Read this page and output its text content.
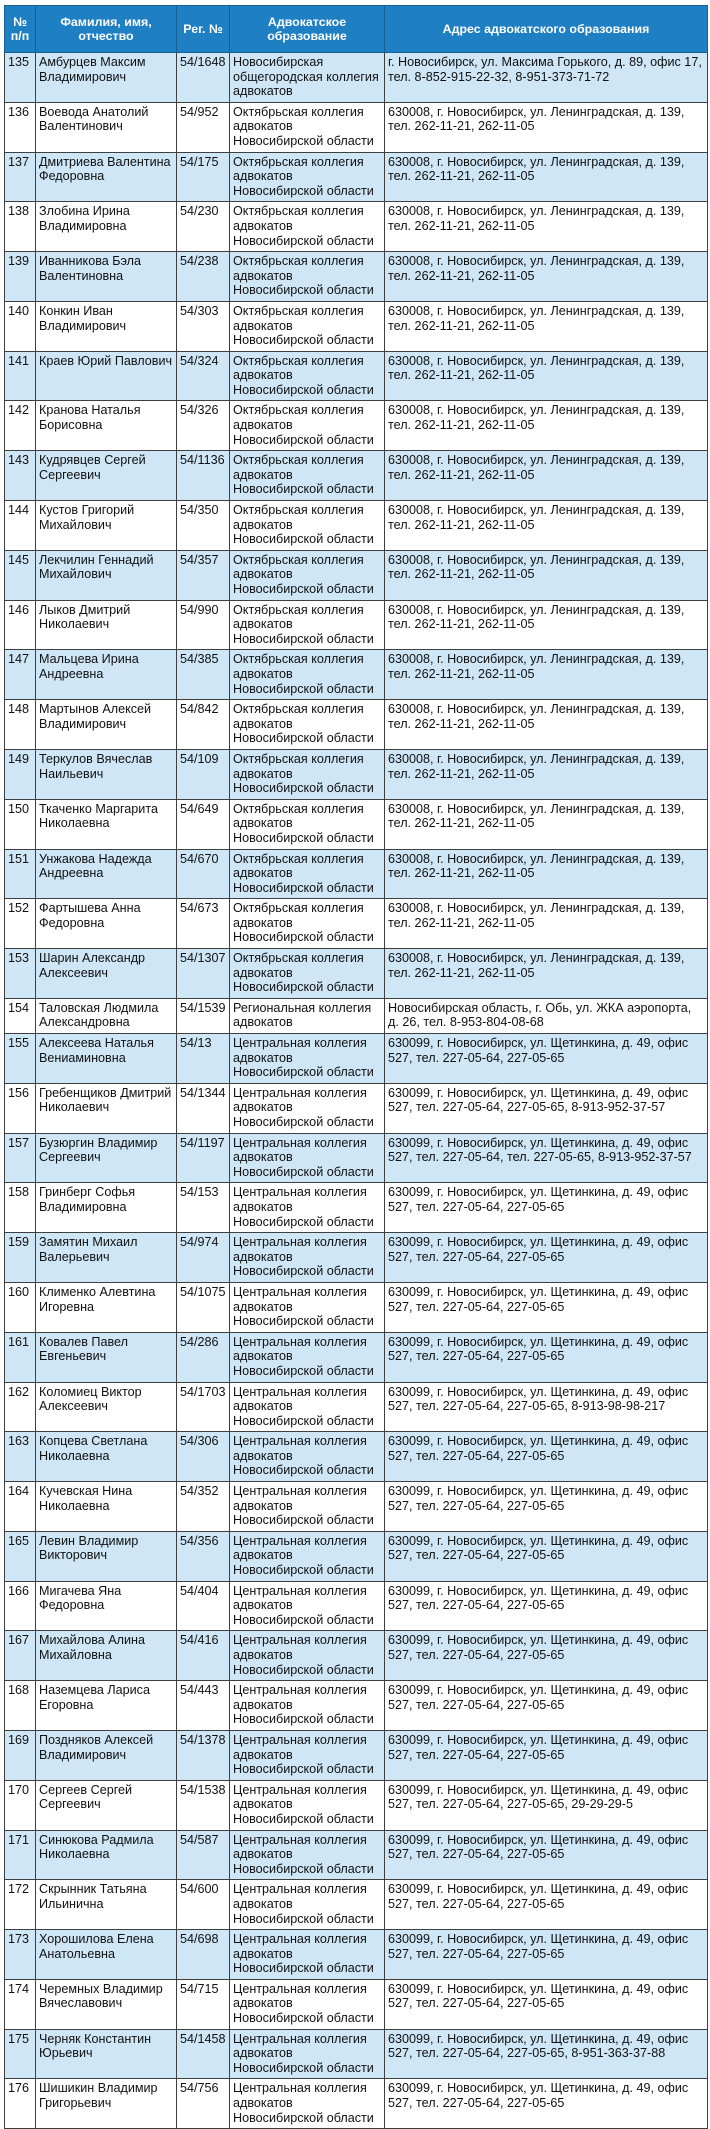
№ п/п	Фамилия, имя, отчество	Рег. №	Адвокатское образование	Адрес адвокатского образования
135	Амбурцев Максим Владимирович	54/1648	Новосибирская общегородская коллегия адвокатов	г. Новосибирск, ул. Максима Горького, д. 89, офис 17, тел. 8-852-915-22-32, 8-951-373-71-72
136	Воевода Анатолий Валентинович	54/952	Октябрьская коллегия адвокатов Новосибирской области	630008, г. Новосибирск, ул. Ленинградская, д. 139, тел. 262-11-21, 262-11-05
137	Дмитриева Валентина Федоровна	54/175	Октябрьская коллегия адвокатов Новосибирской области	630008, г. Новосибирск, ул. Ленинградская, д. 139, тел. 262-11-21, 262-11-05
138	Злобина Ирина Владимировна	54/230	Октябрьская коллегия адвокатов Новосибирской области	630008, г. Новосибирск, ул. Ленинградская, д. 139, тел. 262-11-21, 262-11-05
139	Иванникова Бэла Валентиновна	54/238	Октябрьская коллегия адвокатов Новосибирской области	630008, г. Новосибирск, ул. Ленинградская, д. 139, тел. 262-11-21, 262-11-05
140	Конкин Иван Владимирович	54/303	Октябрьская коллегия адвокатов Новосибирской области	630008, г. Новосибирск, ул. Ленинградская, д. 139, тел. 262-11-21, 262-11-05
141	Краев Юрий Павлович	54/324	Октябрьская коллегия адвокатов Новосибирской области	630008, г. Новосибирск, ул. Ленинградская, д. 139, тел. 262-11-21, 262-11-05
142	Кранова Наталья Борисовна	54/326	Октябрьская коллегия адвокатов Новосибирской области	630008, г. Новосибирск, ул. Ленинградская, д. 139, тел. 262-11-21, 262-11-05
143	Кудрявцев Сергей Сергеевич	54/1136	Октябрьская коллегия адвокатов Новосибирской области	630008, г. Новосибирск, ул. Ленинградская, д. 139, тел. 262-11-21, 262-11-05
144	Кустов Григорий Михайлович	54/350	Октябрьская коллегия адвокатов Новосибирской области	630008, г. Новосибирск, ул. Ленинградская, д. 139, тел. 262-11-21, 262-11-05
145	Лекчилин Геннадий Михайлович	54/357	Октябрьская коллегия адвокатов Новосибирской области	630008, г. Новосибирск, ул. Ленинградская, д. 139, тел. 262-11-21, 262-11-05
146	Лыков Дмитрий Николаевич	54/990	Октябрьская коллегия адвокатов Новосибирской области	630008, г. Новосибирск, ул. Ленинградская, д. 139, тел. 262-11-21, 262-11-05
147	Мальцева Ирина Андреевна	54/385	Октябрьская коллегия адвокатов Новосибирской области	630008, г. Новосибирск, ул. Ленинградская, д. 139, тел. 262-11-21, 262-11-05
148	Мартынов Алексей Владимирович	54/842	Октябрьская коллегия адвокатов Новосибирской области	630008, г. Новосибирск, ул. Ленинградская, д. 139, тел. 262-11-21, 262-11-05
149	Теркулов Вячеслав Наильевич	54/109	Октябрьская коллегия адвокатов Новосибирской области	630008, г. Новосибирск, ул. Ленинградская, д. 139, тел. 262-11-21, 262-11-05
150	Ткаченко Маргарита Николаевна	54/649	Октябрьская коллегия адвокатов Новосибирской области	630008, г. Новосибирск, ул. Ленинградская, д. 139, тел. 262-11-21, 262-11-05
151	Унжакова Надежда Андреевна	54/670	Октябрьская коллегия адвокатов Новосибирской области	630008, г. Новосибирск, ул. Ленинградская, д. 139, тел. 262-11-21, 262-11-05
152	Фартышева Анна Федоровна	54/673	Октябрьская коллегия адвокатов Новосибирской области	630008, г. Новосибирск, ул. Ленинградская, д. 139, тел. 262-11-21, 262-11-05
153	Шарин Александр Алексеевич	54/1307	Октябрьская коллегия адвокатов Новосибирской области	630008, г. Новосибирск, ул. Ленинградская, д. 139, тел. 262-11-21, 262-11-05
154	Таловская Людмила Александровна	54/1539	Региональная коллегия адвокатов	Новосибирская область, г. Обь, ул. ЖКА аэропорта, д. 26, тел. 8-953-804-08-68
155	Алексеева Наталья Вениаминовна	54/13	Центральная коллегия адвокатов Новосибирской области	630099, г. Новосибирск, ул. Щетинкина, д. 49, офис 527, тел. 227-05-64, 227-05-65
156	Гребенщиков Дмитрий Николаевич	54/1344	Центральная коллегия адвокатов Новосибирской области	630099, г. Новосибирск, ул. Щетинкина, д. 49, офис 527, тел. 227-05-64, 227-05-65, 8-913-952-37-57
157	Бузюргин Владимир Сергеевич	54/1197	Центральная коллегия адвокатов Новосибирской области	630099, г. Новосибирск, ул. Щетинкина, д. 49, офис 527, тел. 227-05-64, тел. 227-05-65, 8-913-952-37-57
158	Гринберг Софья Владимировна	54/153	Центральная коллегия адвокатов Новосибирской области	630099, г. Новосибирск, ул. Щетинкина, д. 49, офис 527, тел. 227-05-64, 227-05-65
159	Замятин Михаил Валерьевич	54/974	Центральная коллегия адвокатов Новосибирской области	630099, г. Новосибирск, ул. Щетинкина, д. 49, офис 527, тел. 227-05-64, 227-05-65
160	Клименко Алевтина Игоревна	54/1075	Центральная коллегия адвокатов Новосибирской области	630099, г. Новосибирск, ул. Щетинкина, д. 49, офис 527, тел. 227-05-64, 227-05-65
161	Ковалев Павел Евгеньевич	54/286	Центральная коллегия адвокатов Новосибирской области	630099, г. Новосибирск, ул. Щетинкина, д. 49, офис 527, тел. 227-05-64, 227-05-65
162	Коломиец Виктор Алексеевич	54/1703	Центральная коллегия адвокатов Новосибирской области	630099, г. Новосибирск, ул. Щетинкина, д. 49, офис 527, тел. 227-05-64, 227-05-65, 8-913-98-98-217
163	Копцева Светлана Николаевна	54/306	Центральная коллегия адвокатов Новосибирской области	630099, г. Новосибирск, ул. Щетинкина, д. 49, офис 527, тел. 227-05-64, 227-05-65
164	Кучевская Нина Николаевна	54/352	Центральная коллегия адвокатов Новосибирской области	630099, г. Новосибирск, ул. Щетинкина, д. 49, офис 527, тел. 227-05-64, 227-05-65
165	Левин Владимир Викторович	54/356	Центральная коллегия адвокатов Новосибирской области	630099, г. Новосибирск, ул. Щетинкина, д. 49, офис 527, тел. 227-05-64, 227-05-65
166	Мигачева Яна Федоровна	54/404	Центральная коллегия адвокатов Новосибирской области	630099, г. Новосибирск, ул. Щетинкина, д. 49, офис 527, тел. 227-05-64, 227-05-65
167	Михайлова Алина Михайловна	54/416	Центральная коллегия адвокатов Новосибирской области	630099, г. Новосибирск, ул. Щетинкина, д. 49, офис 527, тел. 227-05-64, 227-05-65
168	Наземцева Лариса Егоровна	54/443	Центральная коллегия адвокатов Новосибирской области	630099, г. Новосибирск, ул. Щетинкина, д. 49, офис 527, тел. 227-05-64, 227-05-65
169	Поздняков Алексей Владимирович	54/1378	Центральная коллегия адвокатов Новосибирской области	630099, г. Новосибирск, ул. Щетинкина, д. 49, офис 527, тел. 227-05-64, 227-05-65
170	Сергеев Сергей Сергеевич	54/1538	Центральная коллегия адвокатов Новосибирской области	630099, г. Новосибирск, ул. Щетинкина, д. 49, офис 527, тел. 227-05-64, 227-05-65, 29-29-29-5
171	Синюкова Радмила Николаевна	54/587	Центральная коллегия адвокатов Новосибирской области	630099, г. Новосибирск, ул. Щетинкина, д. 49, офис 527, тел. 227-05-64, 227-05-65
172	Скрынник Татьяна Ильинична	54/600	Центральная коллегия адвокатов Новосибирской области	630099, г. Новосибирск, ул. Щетинкина, д. 49, офис 527, тел. 227-05-64, 227-05-65
173	Хорошилова Елена Анатольевна	54/698	Центральная коллегия адвокатов Новосибирской области	630099, г. Новосибирск, ул. Щетинкина, д. 49, офис 527, тел. 227-05-64, 227-05-65
174	Черемных Владимир Вячеславович	54/715	Центральная коллегия адвокатов Новосибирской области	630099, г. Новосибирск, ул. Щетинкина, д. 49, офис 527, тел. 227-05-64, 227-05-65
175	Черняк Константин Юрьевич	54/1458	Центральная коллегия адвокатов Новосибирской области	630099, г. Новосибирск, ул. Щетинкина, д. 49, офис 527, тел. 227-05-64, 227-05-65, 8-951-363-37-88
176	Шишикин Владимир Григорьевич	54/756	Центральная коллегия адвокатов Новосибирской области	630099, г. Новосибирск, ул. Щетинкина, д. 49, офис 527, тел. 227-05-64, 227-05-65
